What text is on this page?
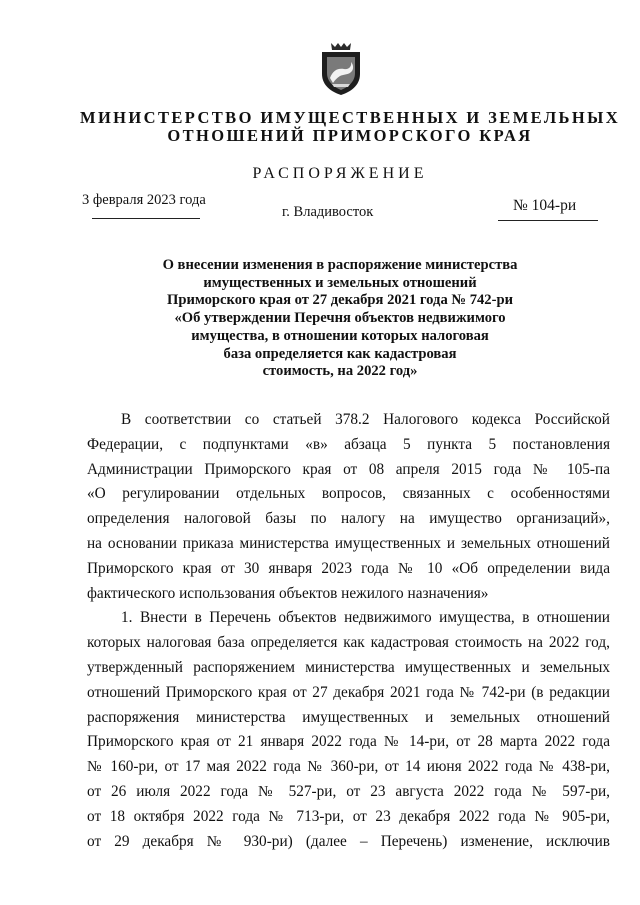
МИНИСТЕРСТВО ИМУЩЕСТВЕННЫХ И ЗЕМЕЛЬНЫХ
ОТНОШЕНИЙ ПРИМОРСКОГО КРАЯ
РАСПОРЯЖЕНИЕ
3 февраля 2023 года
г. Владивосток	№ 104-ри
О внесении изменения в распоряжение министерства
имущественных и земельных отношений
Приморского края от 27 декабря 2021 года № 742-ри
«Об утверждении Перечня объектов недвижимого
имущества, в отношении которых налоговая
база определяется как кадастровая
стоимость, на 2022 год»
В соответствии со статьей 378.2 Налогового кодекса Российской
Федерации, с подпунктами «в» абзаца 5 пункта 5 постановления
Администрации Приморского края от 08 апреля 2015 года № 105-па
«О регулировании отдельных вопросов, связанных с особенностями
определения налоговой базы по налогу на имущество организаций»,
на основании приказа министерства имущественных и земельных отношений
Приморского края от 30 января 2023 года № 10 «Об определении вида
фактического использования объектов нежилого назначения»
1. Внести в Перечень объектов недвижимого имущества, в отношении
которых налоговая база определяется как кадастровая стоимость на 2022 год,
утвержденный распоряжением министерства имущественных и земельных
отношений Приморского края от 27 декабря 2021 года № 742-ри (в редакции
распоряжения министерства имущественных и земельных отношений
Приморского края от 21 января 2022 года № 14-ри, от 28 марта 2022 года
№ 160-ри, от 17 мая 2022 года № 360-ри, от 14 июня 2022 года № 438-ри,
от 26 июля 2022 года № 527-ри, от 23 августа 2022 года № 597-ри,
от 18 октября 2022 года № 713-ри, от 23 декабря 2022 года № 905-ри,
от 29 декабря № 930-ри) (далее – Перечень) изменение, исключив
